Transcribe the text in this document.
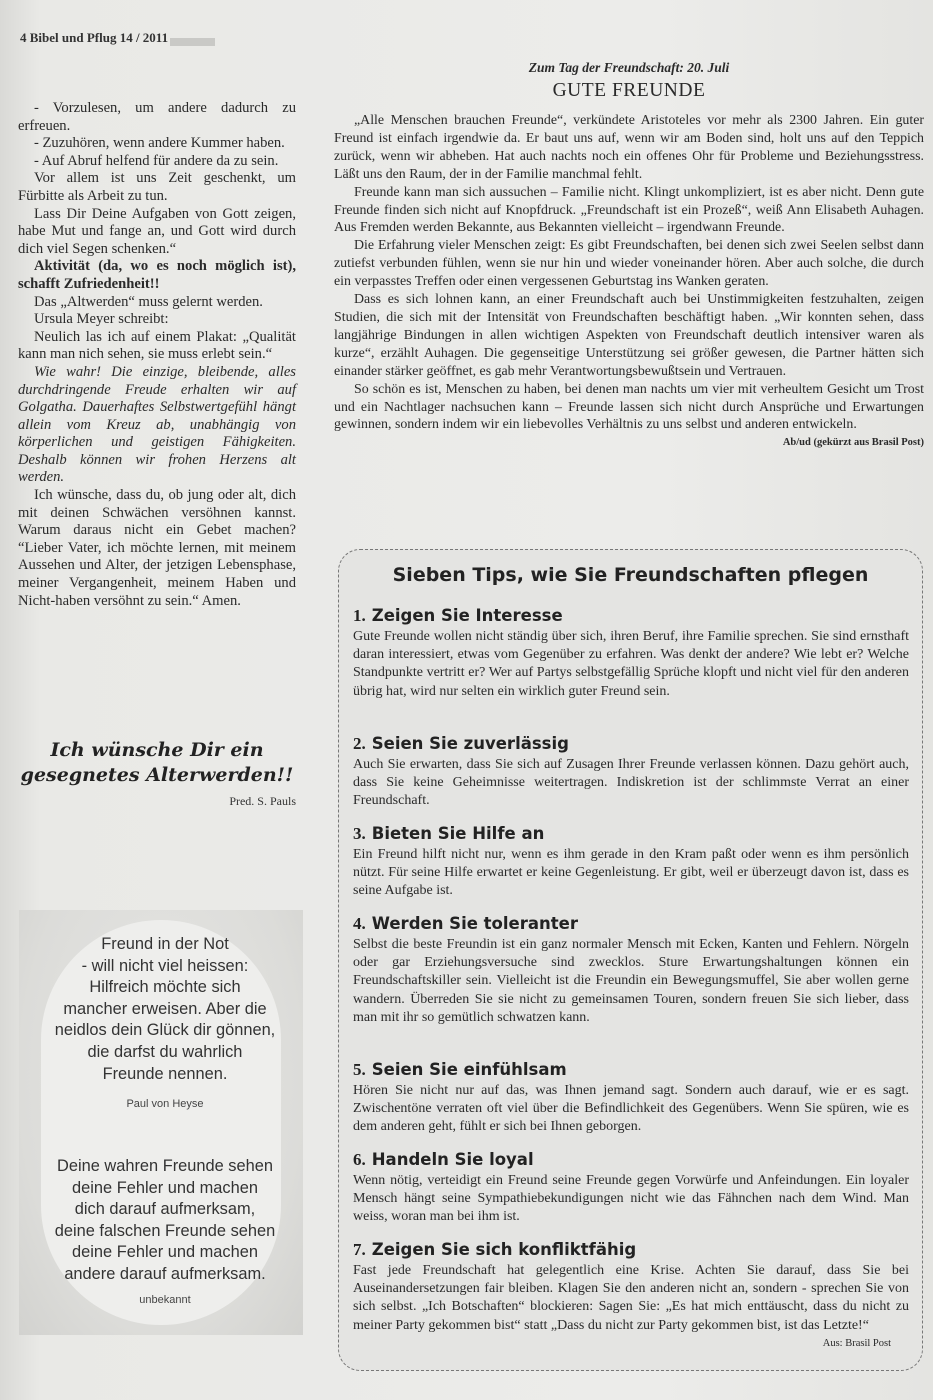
4 Bibel und Pflug 14 / 2011

- Vorzulesen, um andere dadurch zu erfreuen.

- Zuzuhören, wenn andere Kummer haben.

- Auf Abruf helfend für andere da zu sein.

Vor allem ist uns Zeit geschenkt, um Fürbitte als Arbeit zu tun.

Lass Dir Deine Aufgaben von Gott zeigen, habe Mut und fange an, und Gott wird durch dich viel Segen schenken.“

Aktivität (da, wo es noch möglich ist), schafft Zufriedenheit!!

Das „Altwerden“ muss gelernt werden.

Ursula Meyer schreibt:

Neulich las ich auf einem Plakat: „Qualität kann man nich sehen, sie muss erlebt sein.“

Wie wahr! Die einzige, bleibende, alles durchdringende Freude erhalten wir auf Golgatha. Dauerhaftes Selbstwertgefühl hängt allein vom Kreuz ab, unabhängig von körperlichen und geistigen Fähigkeiten. Deshalb können wir frohen Herzens alt werden.

Ich wünsche, dass du, ob jung oder alt, dich mit deinen Schwächen versöhnen kannst. Warum daraus nicht ein Gebet machen? “Lieber Vater, ich möchte lernen, mit meinem Aussehen und Alter, der jetzigen Lebensphase, meiner Vergangenheit, meinem Haben und Nicht-haben versöhnt zu sein.“ Amen.

Ich wünsche Dir ein
gesegnetes Alterwerden!!
Pred. S. Pauls
Freund in der Not
- will nicht viel heissen:
Hilfreich möchte sich
mancher erweisen. Aber die
neidlos dein Glück dir gönnen,
die darfst du wahrlich
Freunde nennen.
Paul von Heyse
Deine wahren Freunde sehen
deine Fehler und machen
dich darauf aufmerksam,
deine falschen Freunde sehen
deine Fehler und machen
andere darauf aufmerksam.
unbekannt

Zum Tag der Freundschaft: 20. Juli

GUTE FREUNDE

„Alle Menschen brauchen Freunde“, verkündete Aristoteles vor mehr als 2300 Jahren. Ein guter Freund ist einfach irgendwie da. Er baut uns auf, wenn wir am Boden sind, holt uns auf den Teppich zurück, wenn wir abheben. Hat auch nachts noch ein offenes Ohr für Probleme und Beziehungsstress. Läßt uns den Raum, der in der Familie manchmal fehlt.

Freunde kann man sich aussuchen – Familie nicht. Klingt unkompliziert, ist es aber nicht. Denn gute Freunde finden sich nicht auf Knopfdruck. „Freundschaft ist ein Prozeß“, weiß Ann Elisabeth Auhagen. Aus Fremden werden Bekannte, aus Bekannten vielleicht – irgendwann Freunde.

Die Erfahrung vieler Menschen zeigt: Es gibt Freundschaften, bei denen sich zwei Seelen selbst dann zutiefst verbunden fühlen, wenn sie nur hin und wieder voneinander hören. Aber auch solche, die durch ein verpasstes Treffen oder einen vergessenen Geburtstag ins Wanken geraten.

Dass es sich lohnen kann, an einer Freundschaft auch bei Unstimmigkeiten festzuhalten, zeigen Studien, die sich mit der Intensität von Freundschaften beschäftigt haben. „Wir konnten sehen, dass langjährige Bindungen in allen wichtigen Aspekten von Freundschaft deutlich intensiver waren als kurze“, erzählt Auhagen. Die gegenseitige Unterstützung sei größer gewesen, die Partner hätten sich einander stärker geöffnet, es gab mehr Verantwortungsbewußtsein und Vertrauen.

So schön es ist, Menschen zu haben, bei denen man nachts um vier mit verheultem Gesicht um Trost und ein Nachtlager nachsuchen kann – Freunde lassen sich nicht durch Ansprüche und Erwartungen gewinnen, sondern indem wir ein liebevolles Verhältnis zu uns selbst und anderen entwickeln.
Ab/ud (gekürzt aus Brasil Post)

Sieben Tips, wie Sie Freundschaften pflegen
1. Zeigen Sie Interesse

Gute Freunde wollen nicht ständig über sich, ihren Beruf, ihre Familie sprechen. Sie sind ernsthaft daran interessiert, etwas vom Gegenüber zu erfahren. Was denkt der andere? Wie lebt er? Welche Standpunkte vertritt er? Wer auf Partys selbstgefällig Sprüche klopft und nicht viel für den anderen übrig hat, wird nur selten ein wirklich guter Freund sein.

2. Seien Sie zuverlässig

Auch Sie erwarten, dass Sie sich auf Zusagen Ihrer Freunde verlassen können. Dazu gehört auch, dass Sie keine Geheimnisse weitertragen. Indiskretion ist der schlimmste Verrat an einer Freundschaft.

3. Bieten Sie Hilfe an

Ein Freund hilft nicht nur, wenn es ihm gerade in den Kram paßt oder wenn es ihm persönlich nützt. Für seine Hilfe erwartet er keine Gegenleistung. Er gibt, weil er überzeugt davon ist, dass es seine Aufgabe ist.

4. Werden Sie toleranter

Selbst die beste Freundin ist ein ganz normaler Mensch mit Ecken, Kanten und Fehlern. Nörgeln oder gar Erziehungsversuche sind zwecklos. Sture Erwartungshaltungen können ein Freundschaftskiller sein. Vielleicht ist die Freundin ein Bewegungsmuffel, Sie aber wollen gerne wandern. Überreden Sie sie nicht zu gemeinsamen Touren, sondern freuen Sie sich lieber, dass man mit ihr so gemütlich schwatzen kann.

5. Seien Sie einfühlsam

Hören Sie nicht nur auf das, was Ihnen jemand sagt. Sondern auch darauf, wie er es sagt. Zwischentöne verraten oft viel über die Befindlichkeit des Gegenübers. Wenn Sie spüren, wie es dem anderen geht, fühlt er sich bei Ihnen geborgen.

6. Handeln Sie loyal

Wenn nötig, verteidigt ein Freund seine Freunde gegen Vorwürfe und Anfeindungen. Ein loyaler Mensch hängt seine Sympathiebekundigungen nicht wie das Fähnchen nach dem Wind. Man weiss, woran man bei ihm ist.

7. Zeigen Sie sich konfliktfähig

Fast jede Freundschaft hat gelegentlich eine Krise. Achten Sie darauf, dass Sie bei Auseinandersetzungen fair bleiben. Klagen Sie den anderen nicht an, sondern - sprechen Sie von sich selbst. „Ich Botschaften“ blockieren: Sagen Sie: „Es hat mich enttäuscht, dass du nicht zu meiner Party gekommen bist“ statt „Dass du nicht zur Party gekommen bist, ist das Letzte!“
Aus: Brasil Post
